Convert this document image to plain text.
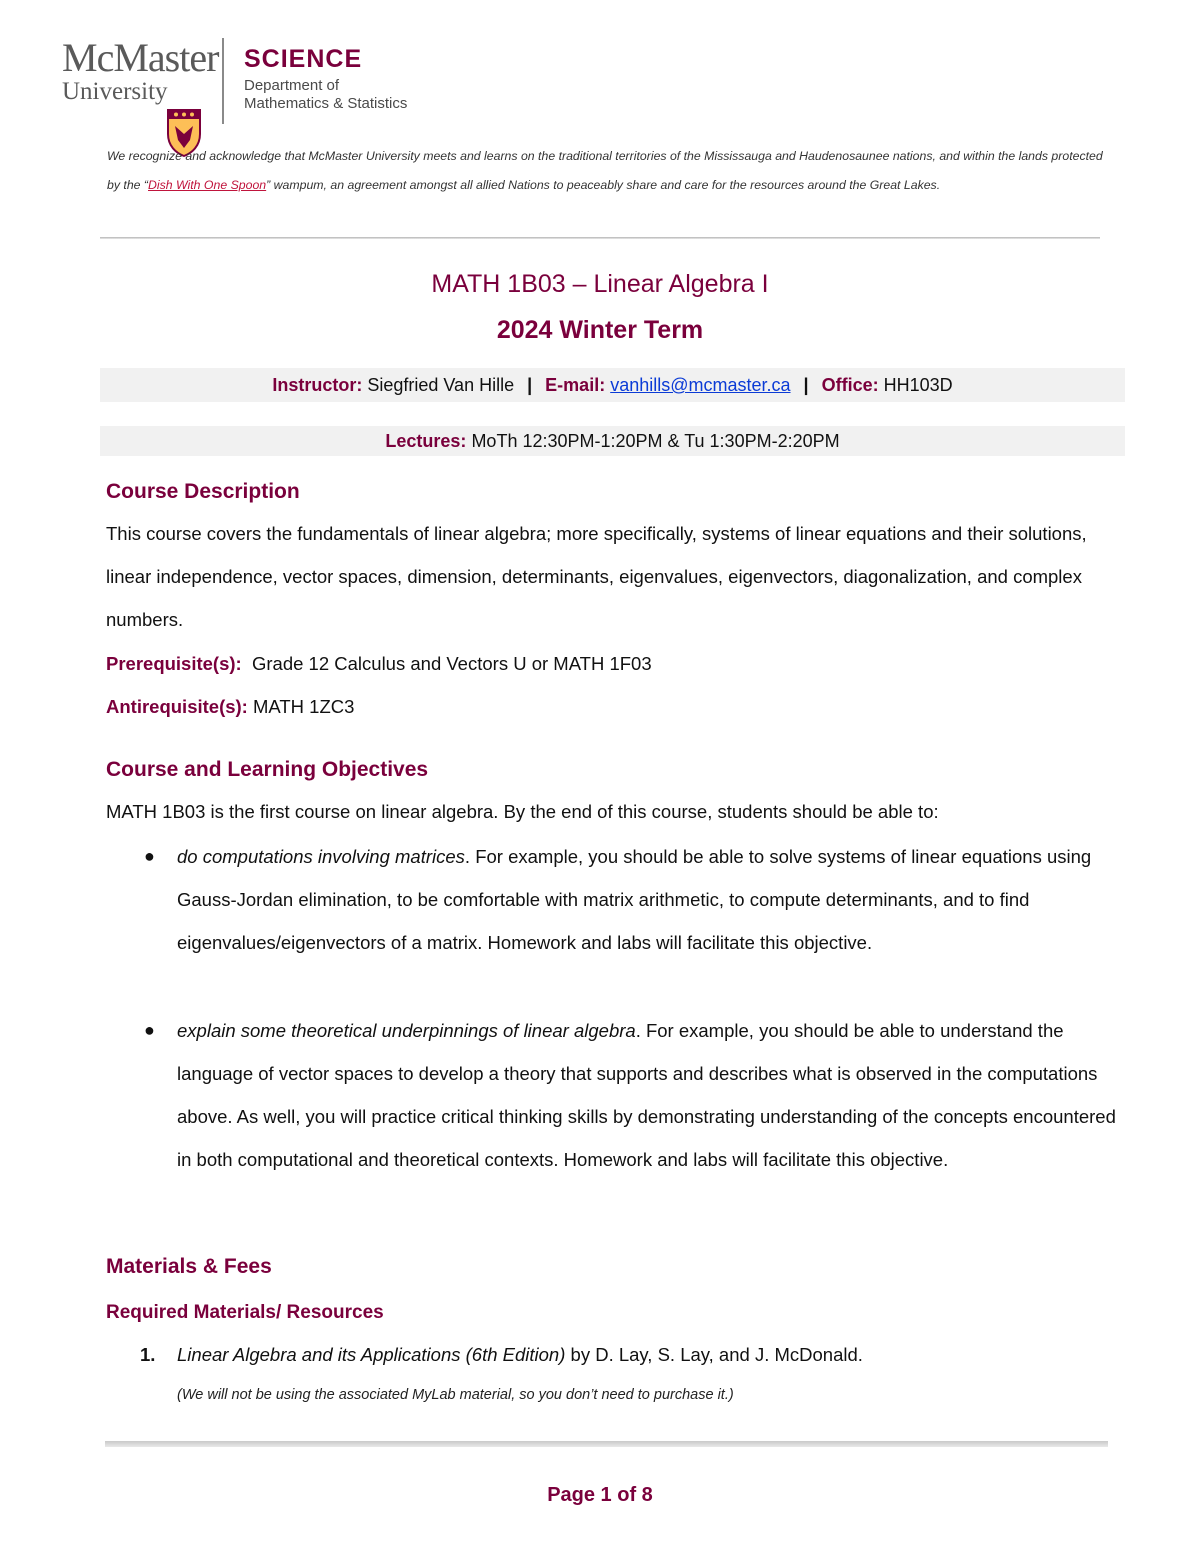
McMaster
University
SCIENCE
Department of
Mathematics & Statistics
We recognize and acknowledge that McMaster University meets and learns on the traditional territories of the Mississauga and Haudenosaunee nations, and within the lands protected by the “Dish With One Spoon” wampum, an agreement amongst all allied Nations to peaceably share and care for the resources around the Great Lakes.
MATH 1B03 – Linear Algebra I
2024 Winter Term
Instructor: Siegfried Van Hille | E-mail: vanhills@mcmaster.ca | Office: HH103D
Lectures: MoTh 12:30PM-1:20PM & Tu 1:30PM-2:20PM
Course Description
This course covers the fundamentals of linear algebra; more specifically, systems of linear equations and their solutions, linear independence, vector spaces, dimension, determinants, eigenvalues, eigenvectors, diagonalization, and complex numbers.
Prerequisite(s): Grade 12 Calculus and Vectors U or MATH 1F03
Antirequisite(s): MATH 1ZC3
Course and Learning Objectives
MATH 1B03 is the first course on linear algebra. By the end of this course, students should be able to:
● do computations involving matrices. For example, you should be able to solve systems of linear equations using Gauss-Jordan elimination, to be comfortable with matrix arithmetic, to compute determinants, and to find eigenvalues/eigenvectors of a matrix. Homework and labs will facilitate this objective.
● explain some theoretical underpinnings of linear algebra. For example, you should be able to understand the language of vector spaces to develop a theory that supports and describes what is observed in the computations above. As well, you will practice critical thinking skills by demonstrating understanding of the concepts encountered in both computational and theoretical contexts. Homework and labs will facilitate this objective.
Materials & Fees
Required Materials/ Resources
1. Linear Algebra and its Applications (6th Edition) by D. Lay, S. Lay, and J. McDonald.
(We will not be using the associated MyLab material, so you don’t need to purchase it.)
Page 1 of 8
